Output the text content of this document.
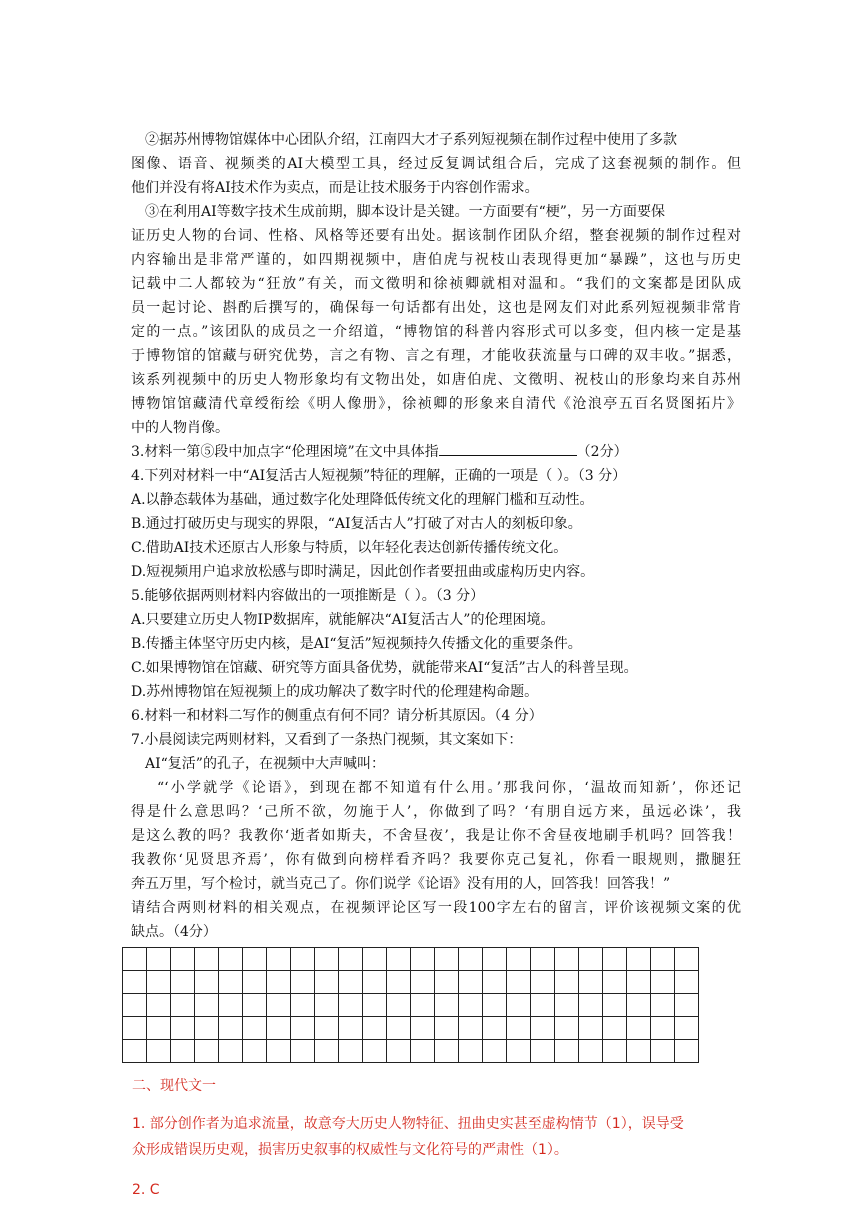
②据苏州博物馆媒体中心团队介绍，江南四大才子系列短视频在制作过程中使用了多款
图像、语音、视频类的AI大模型工具，经过反复调试组合后，完成了这套视频的制作。但
他们并没有将AI技术作为卖点，而是让技术服务于内容创作需求。
③在利用AI等数字技术生成前期，脚本设计是关键。一方面要有“梗”，另一方面要保
证历史人物的台词、性格、风格等还要有出处。据该制作团队介绍，整套视频的制作过程对
内容输出是非常严谨的，如四期视频中，唐伯虎与祝枝山表现得更加“暴躁”，这也与历史
记载中二人都较为“狂放”有关，而文徵明和徐祯卿就相对温和。“我们的文案都是团队成
员一起讨论、斟酌后撰写的，确保每一句话都有出处，这也是网友们对此系列短视频非常肯
定的一点。”该团队的成员之一介绍道，“博物馆的科普内容形式可以多变，但内核一定是基
于博物馆的馆藏与研究优势，言之有物、言之有理，才能收获流量与口碑的双丰收。”据悉，
该系列视频中的历史人物形象均有文物出处，如唐伯虎、文徵明、祝枝山的形象均来自苏州
博物馆馆藏清代章绶衔绘《明人像册》，徐祯卿的形象来自清代《沧浪亭五百名贤图拓片》
中的人物肖像。
3.材料一第⑤段中加点字“伦理困境”在文中具体指	（2分）
4.下列对材料一中“AI复活古人短视频”特征的理解，正确的一项是（ ）。（3 分）
A.以静态载体为基础，通过数字化处理降低传统文化的理解门槛和互动性。
B.通过打破历史与现实的界限，“AI复活古人”打破了对古人的刻板印象。
C.借助AI技术还原古人形象与特质，以年轻化表达创新传播传统文化。
D.短视频用户追求放松感与即时满足，因此创作者要扭曲或虚构历史内容。
5.能够依据两则材料内容做出的一项推断是（ ）。（3 分）
A.只要建立历史人物IP数据库，就能解决“AI复活古人”的伦理困境。
B.传播主体坚守历史内核，是AI“复活”短视频持久传播文化的重要条件。
C.如果博物馆在馆藏、研究等方面具备优势，就能带来AI“复活”古人的科普呈现。
D.苏州博物馆在短视频上的成功解决了数字时代的伦理建构命题。
6.材料一和材料二写作的侧重点有何不同？请分析其原因。（4 分）
7.小晨阅读完两则材料，又看到了一条热门视频，其文案如下：
AI“复活”的孔子，在视频中大声喊叫：
“‘小学就学《论语》，到现在都不知道有什么用。’那我问你，‘温故而知新’，你还记
得是什么意思吗？‘己所不欲，勿施于人’，你做到了吗？‘有朋自远方来，虽远必诛’，我
是这么教的吗？我教你‘逝者如斯夫，不舍昼夜’，我是让你不舍昼夜地刷手机吗？回答我！
我教你‘见贤思齐焉’，你有做到向榜样看齐吗？我要你克己复礼，你看一眼规则，撒腿狂
奔五万里，写个检讨，就当克己了。你们说学《论语》没有用的人，回答我！回答我！”
请结合两则材料的相关观点，在视频评论区写一段100字左右的留言，评价该视频文案的优
缺点。（4分）

二、现代文一
1. 部分创作者为追求流量，故意夸大历史人物特征、扭曲史实甚至虚构情节（1），误导受
众形成错误历史观，损害历史叙事的权威性与文化符号的严肃性（1）。
2. C
